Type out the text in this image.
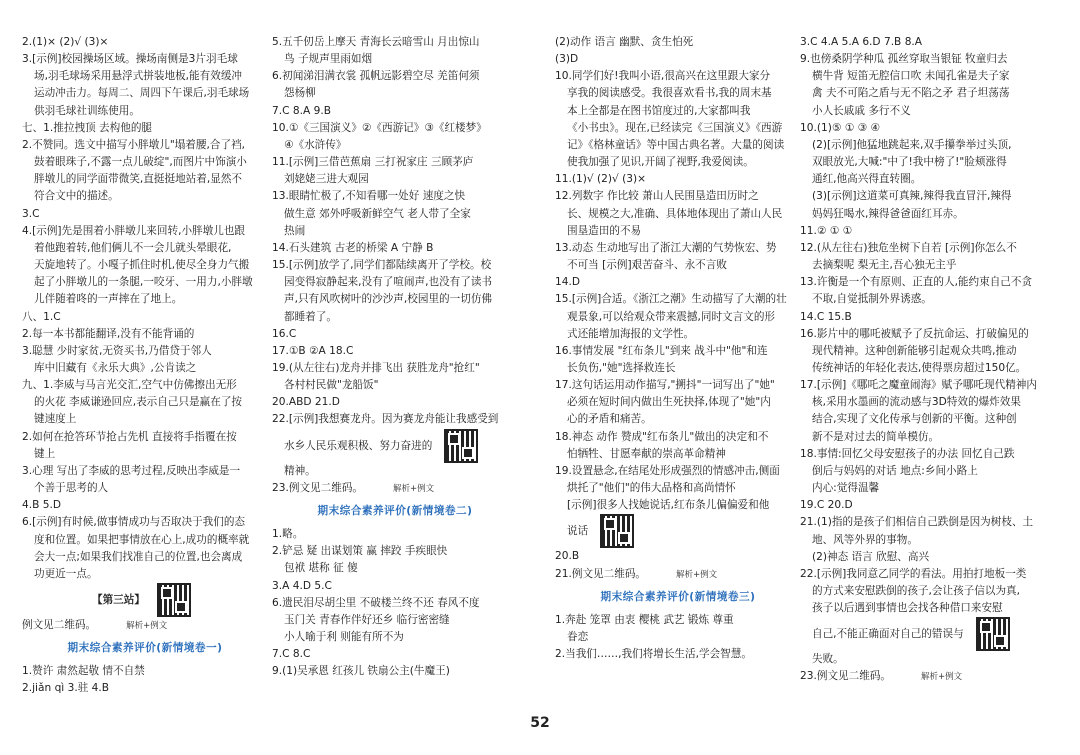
2.(1)× (2)√ (3)×
3.[示例]校园操场区域。操场南侧是3片羽毛球
场,羽毛球场采用悬浮式拼装地板,能有效缓冲
运动冲击力。每周二、周四下午课后,羽毛球场
供羽毛球社训练使用。
七、1.推拉拽顶 去构他的腿
2.不赞同。选文中描写小胖墩儿"塌着腰,合了裆,
鼓着眼珠子,不露一点儿破绽",而图片中饰演小
胖墩儿的同学面带微笑,直挺挺地站着,显然不
符合文中的描述。
3.C
4.[示例]先是围着小胖墩儿来回转,小胖墩儿也跟
着他跑着转,他们俩儿不一会儿就头晕眼花,
天旋地转了。小嘎子抓住时机,使尽全身力气搬
起了小胖墩儿的一条腿,一咬牙、一用力,小胖墩
儿伴随着咚的一声摔在了地上。
八、1.C
2.每一本书都能翻译,没有不能背诵的
3.聪慧 少时家贫,无资买书,乃借贷于邻人
库中旧藏有《永乐大典》,公肯读之
九、1.李威与马言光交汇,空气中仿佛擦出无形
的火花 李威谦逊回应,表示自己只是赢在了按
键速度上
2.如何在抢答环节抢占先机 直接将手指覆在按
键上
3.心理 写出了李威的思考过程,反映出李威是一
个善于思考的人
4.B 5.D
6.[示例]有时候,做事情成功与否取决于我们的态
度和位置。如果把事情放在心上,成功的概率就
会大一点;如果我们找准自己的位置,也会离成
功更近一点。
【第三站】
例文见二维码。	解析+例文
期末综合素养评价(新情境卷一)
1.赞许 肃然起敬 情不自禁
2.jiǎn qì 3.驻 4.B
5.五千仞岳上摩天 青海长云暗雪山 月出惊山
鸟 子规声里雨如烟
6.初闻涕泪满衣裳 孤帆远影碧空尽 羌笛何须
怨杨柳
7.C 8.A 9.B
10.①《三国演义》②《西游记》③《红楼梦》
④《水浒传》
11.[示例]三借芭蕉扇 三打祝家庄 三顾茅庐
刘姥姥三进大观园
13.眼睛忙极了,不知看哪一处好 速度之快
做生意 郊外呼吸新鲜空气 老人带了全家
热闹
14.石头建筑 古老的桥梁 A 宁静 B
15.[示例]放学了,同学们都陆续离开了学校。校
园变得寂静起来,没有了喧闹声,也没有了读书
声,只有风吹树叶的沙沙声,校园里的一切仿佛
都睡着了。
16.C
17.①B ②A 18.C
19.(从左往右)龙舟并排飞出 获胜龙舟"抢红"
各村村民做"龙船饭"
20.ABD 21.D
22.[示例]我想赛龙舟。因为赛龙舟能让我感受到
水乡人民乐观积极、努力奋进的
精神。
23.例文见二维码。	解析+例文
期末综合素养评价(新情境卷二)
1.略。
2.铲忌 疑 出谋划策 赢 摔跤 手疾眼快
包袱 堪称 征 傻
3.A 4.D 5.C
6.遗民泪尽胡尘里 不破楼兰终不还 春风不度
玉门关 青春作伴好还乡 临行密密缝
小人喻于利 则能有所不为
7.C 8.C
9.(1)吴承恩 红孩儿 铁扇公主(牛魔王)
(2)动作 语言 幽默、贪生怕死
(3)D
10.同学们好!我叫小语,很高兴在这里跟大家分
享我的阅读感受。我很喜欢看书,我的周末基
本上全都是在图书馆度过的,大家都叫我
《小书虫》。现在,已经读完《三国演义》《西游
记》《格林童话》等中国古典名著。大量的阅读
使我加强了见识,开阔了视野,我爱阅读。
11.(1)√ (2)√ (3)×
12.列数字 作比较 萧山人民围垦造田历时之
长、规模之大,准确、具体地体现出了萧山人民
围垦造田的不易
13.动态 生动地写出了浙江大潮的气势恢宏、势
不可当 [示例]艰苦奋斗、永不言败
14.D
15.[示例]合适。《浙江之潮》生动描写了大潮的壮
观景象,可以给观众带来震撼,同时文言文的形
式还能增加海报的文学性。
16.事情发展 "红布条儿"到来 战斗中"他"和连
长负伤,"她"选择救连长
17.这句话运用动作描写,"搠抖"一词写出了"她"
必须在短时间内做出生死抉择,体现了"她"内
心的矛盾和痛苦。
18.神态 动作 赞成"红布条儿"做出的决定和不
怕牺牲、甘愿奉献的崇高革命精神
19.设置悬念,在结尾处形成强烈的情感冲击,侧面
烘托了"他们"的伟大品格和高尚情怀
[示例]很多人找她说话,红布条儿偏偏爱和他
说话
20.B
21.例文见二维码。	解析+例文
期末综合素养评价(新情境卷三)
1.奔赴 笼罩 由衷 樱桃 武艺 锻炼 尊重
眷恋
2.当我们……,我们将增长生活,学会智慧。
3.C 4.A 5.A 6.D 7.B 8.A
9.也傍桑阴学种瓜 孤丝穿取当银钲 牧童归去
横牛背 短笛无腔信口吹 未闻孔雀是夫子家
禽 夫不可陷之盾与无不陷之矛 君子坦荡荡
小人长戚戚 多行不义
10.(1)⑤ ① ③ ④
(2)[示例]他猛地跳起来,双手攥拳举过头顶,
双眼放光,大喊:"中了!我中榜了!"脸颊涨得
通红,他高兴得直转圈。
(3)[示例]这道菜可真辣,辣得我直冒汗,辣得
妈妈狂喝水,辣得爸爸面红耳赤。
11.② ① ①
12.(从左往右)独危坐树下自若 [示例]你怎么不
去摘梨呢 梨无主,吾心独无主乎
13.许衡是一个有原则、正直的人,能约束自己不贪
不取,自觉抵制外界诱惑。
14.C 15.B
16.影片中的哪吒被赋予了反抗命运、打破偏见的
现代精神。这种创新能够引起观众共鸣,推动
传统神话的年轻化表达,使得票房超过150亿。
17.[示例]《哪吒之魔童闹海》赋予哪吒现代精神内
核,采用水墨画的流动感与3D特效的爆炸效果
结合,实现了文化传承与创新的平衡。这种创
新不是对过去的简单模仿。
18.事情:回忆父母安慰孩子的办法 回忆自己跌
倒后与妈妈的对话 地点:乡间小路上
内心:觉得温馨
19.C 20.D
21.(1)指的是孩子们相信自己跌倒是因为树枝、土
地、风等外界的事物。
(2)神态 语言 欣慰、高兴
22.[示例]我同意乙同学的看法。用拍打地板一类
的方式来安慰跌倒的孩子,会让孩子信以为真,
孩子以后遇到事情也会找各种借口来安慰
自己,不能正确面对自己的错误与
失败。
23.例文见二维码。	解析+例文
52
